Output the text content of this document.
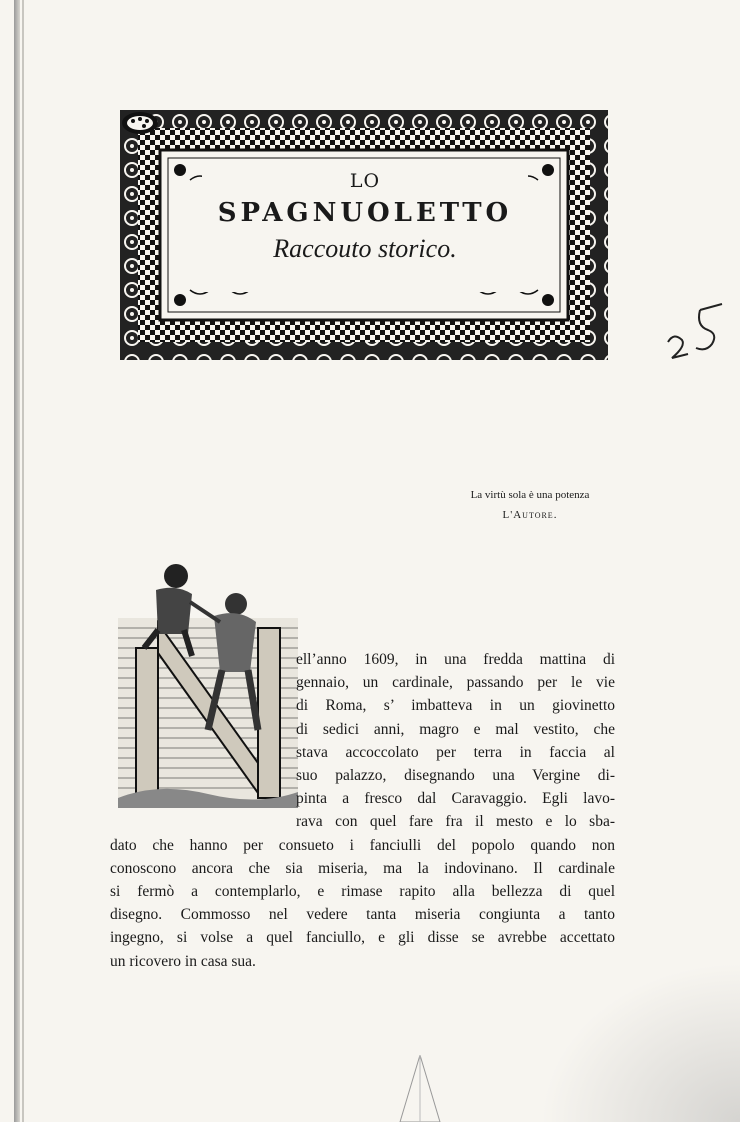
LO
SPAGNUOLETTO
Raccouto storico.
La virtù sola è una potenza
L'Autore.
ell’anno 1609, in una fredda mattina di
gennaio, un cardinale, passando per le vie
di Roma, s’ imbatteva in un giovinetto
di sedici anni, magro e mal vestito, che
stava accoccolato per terra in faccia al
suo palazzo, disegnando una Vergine di-
pinta a fresco dal Caravaggio. Egli lavo-
rava con quel fare fra il mesto e lo sba-
dato che hanno per consueto i fanciulli del popolo quando non
conoscono ancora che sia miseria, ma la indovinano. Il cardinale
si fermò a contemplarlo, e rimase rapito alla bellezza di quel
disegno. Commosso nel vedere tanta miseria congiunta a tanto
ingegno, si volse a quel fanciullo, e gli disse se avrebbe accettato
un ricovero in casa sua.
